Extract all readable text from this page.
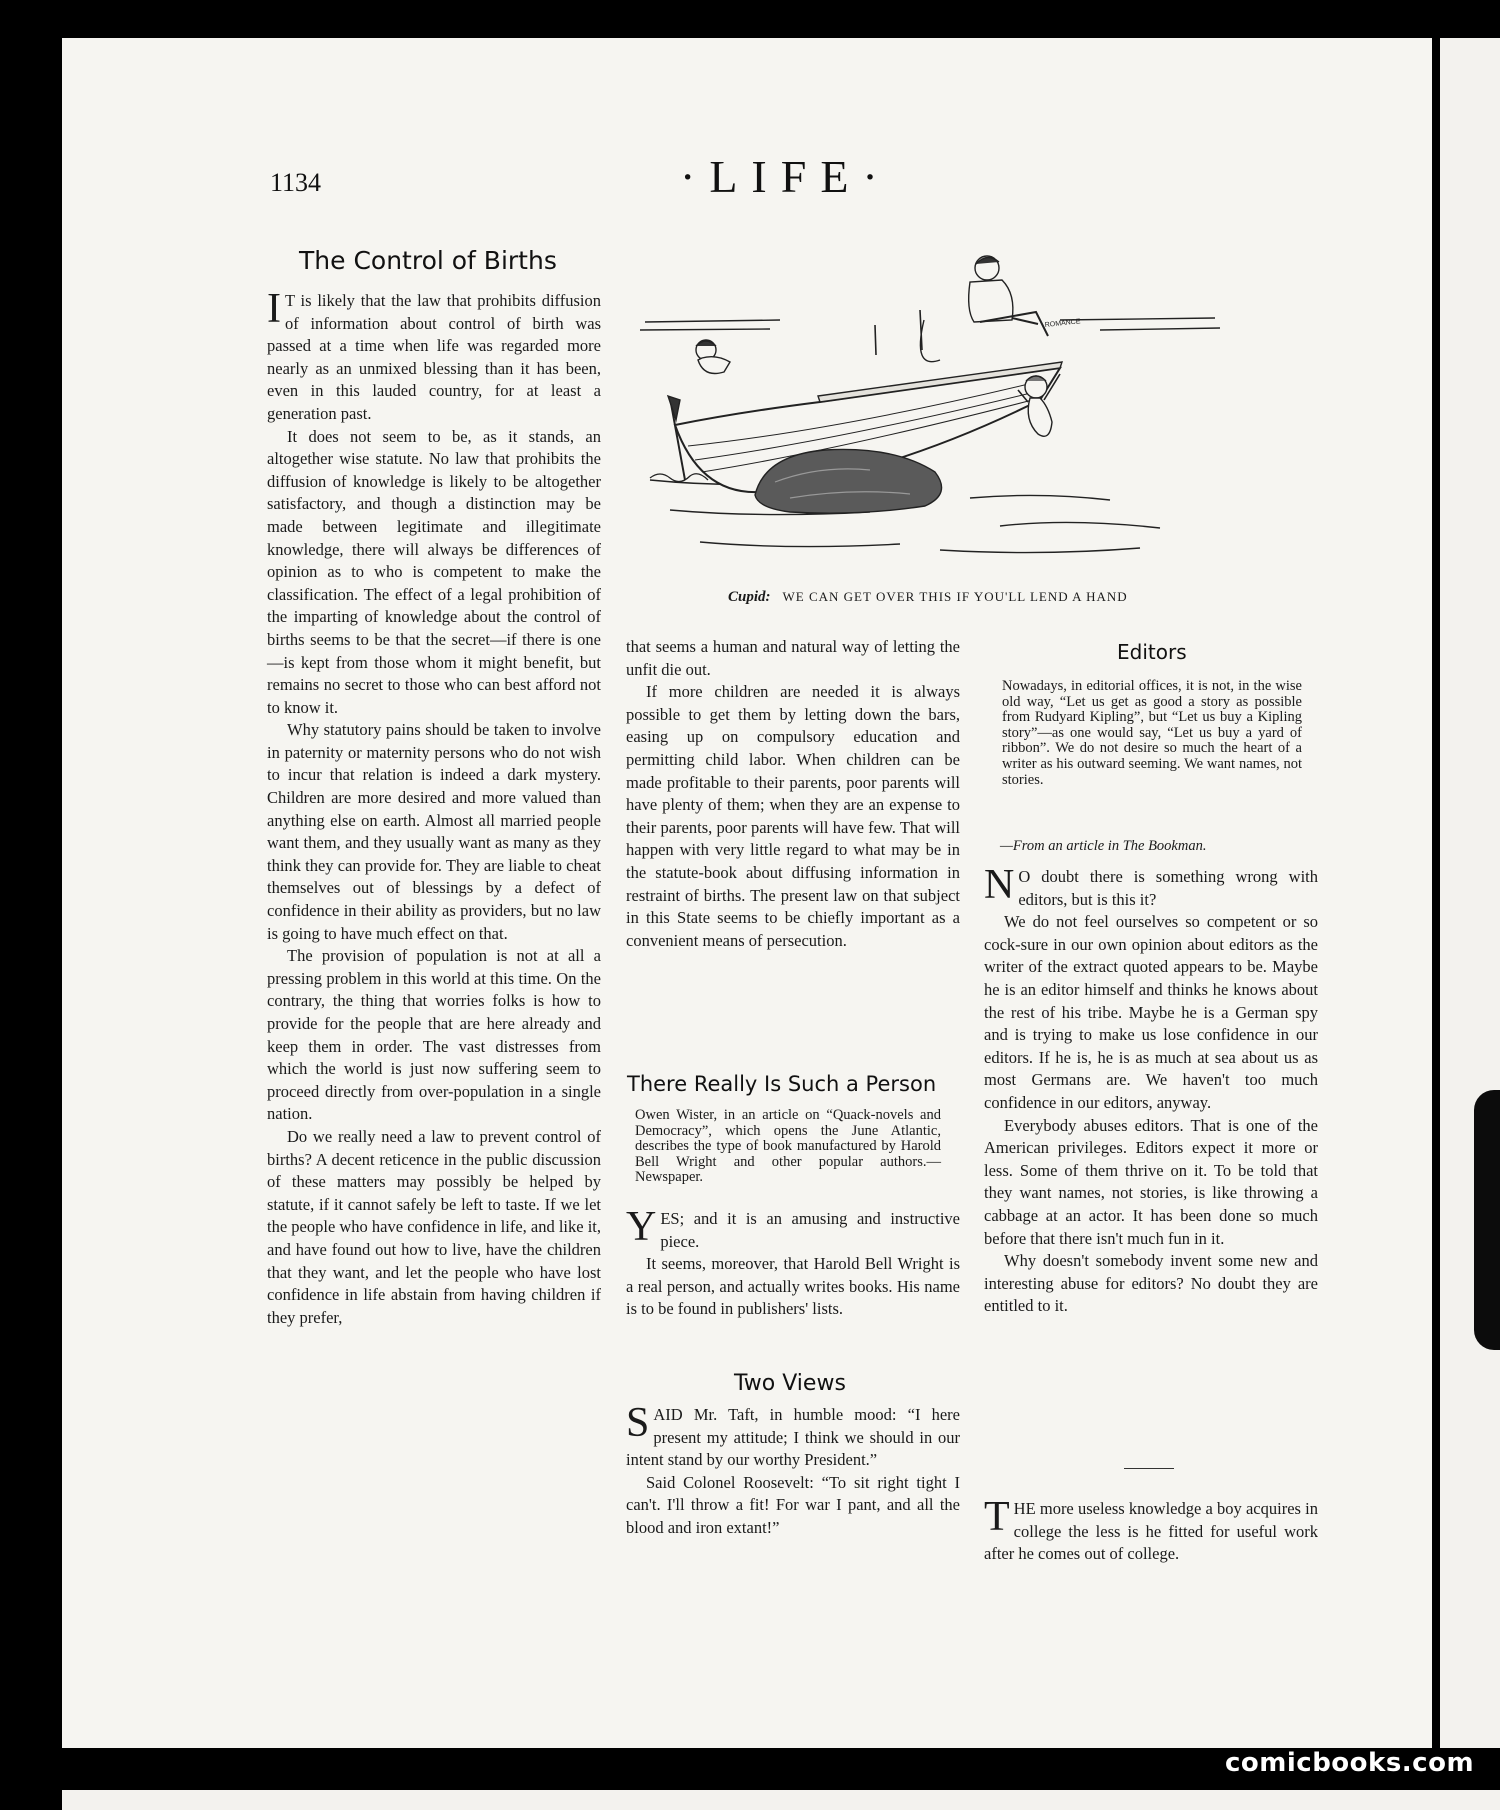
comicbooks.com
1134	·LIFE·
The Control of Births

I T is likely that the law that prohibits diffusion of information about control of birth was passed at a time when life was regarded more nearly as an unmixed blessing than it has been, even in this lauded country, for at least a generation past.

It does not seem to be, as it stands, an altogether wise statute. No law that prohibits the diffusion of knowledge is likely to be altogether satisfactory, and though a distinction may be made between legitimate and illegitimate knowledge, there will always be differences of opinion as to who is competent to make the classification. The effect of a legal prohibition of the imparting of knowledge about the control of births seems to be that the secret—if there is one—is kept from those whom it might benefit, but remains no secret to those who can best afford not to know it.

Why statutory pains should be taken to involve in paternity or maternity persons who do not wish to incur that relation is indeed a dark mystery. Children are more desired and more valued than anything else on earth. Almost all married people want them, and they usually want as many as they think they can provide for. They are liable to cheat themselves out of blessings by a defect of confidence in their ability as providers, but no law is going to have much effect on that.

The provision of population is not at all a pressing problem in this world at this time. On the contrary, the thing that worries folks is how to provide for the people that are here already and keep them in order. The vast distresses from which the world is just now suffering seem to proceed directly from over-population in a single nation.

Do we really need a law to prevent control of births? A decent reticence in the public discussion of these matters may possibly be helped by statute, if it cannot safely be left to taste. If we let the people who have confidence in life, and like it, and have found out how to live, have the children that they want, and let the people who have lost confidence in life abstain from having children if they prefer,

ROMANCE
Cupid: WE CAN GET OVER THIS IF YOU'LL LEND A HAND

that seems a human and natural way of letting the unfit die out.

If more children are needed it is always possible to get them by letting down the bars, easing up on compulsory education and permitting child labor. When children can be made profitable to their parents, poor parents will have plenty of them; when they are an expense to their parents, poor parents will have few. That will happen with very little regard to what may be in the statute-book about diffusing information in restraint of births. The present law on that subject in this State seems to be chiefly important as a convenient means of persecution.

There Really Is Such a Person
Owen Wister, in an article on “Quack-novels and Democracy”, which opens the June Atlantic, describes the type of book manufactured by Harold Bell Wright and other popular authors.—Newspaper.

YES; and it is an amusing and instructive piece.

It seems, moreover, that Harold Bell Wright is a real person, and actually writes books. His name is to be found in publishers' lists.

Two Views

SAID Mr. Taft, in humble mood: “I here present my attitude; I think we should in our intent stand by our worthy President.”

Said Colonel Roosevelt: “To sit right tight I can't. I'll throw a fit! For war I pant, and all the blood and iron extant!”

Editors
Nowadays, in editorial offices, it is not, in the wise old way, “Let us get as good a story as possible from Rudyard Kipling”, but “Let us buy a Kipling story”—as one would say, “Let us buy a yard of ribbon”. We do not desire so much the heart of a writer as his outward seeming. We want names, not stories.
—From an article in The Bookman.

N O doubt there is something wrong with editors, but is this it?

We do not feel ourselves so competent or so cock-sure in our own opinion about editors as the writer of the extract quoted appears to be. Maybe he is an editor himself and thinks he knows about the rest of his tribe. Maybe he is a German spy and is trying to make us lose confidence in our editors. If he is, he is as much at sea about us as most Germans are. We haven't too much confidence in our editors, anyway.

Everybody abuses editors. That is one of the American privileges. Editors expect it more or less. Some of them thrive on it. To be told that they want names, not stories, is like throwing a cabbage at an actor. It has been done so much before that there isn't much fun in it.

Why doesn't somebody invent some new and interesting abuse for editors? No doubt they are entitled to it.

THE more useless knowledge a boy acquires in college the less is he fitted for useful work after he comes out of college.
